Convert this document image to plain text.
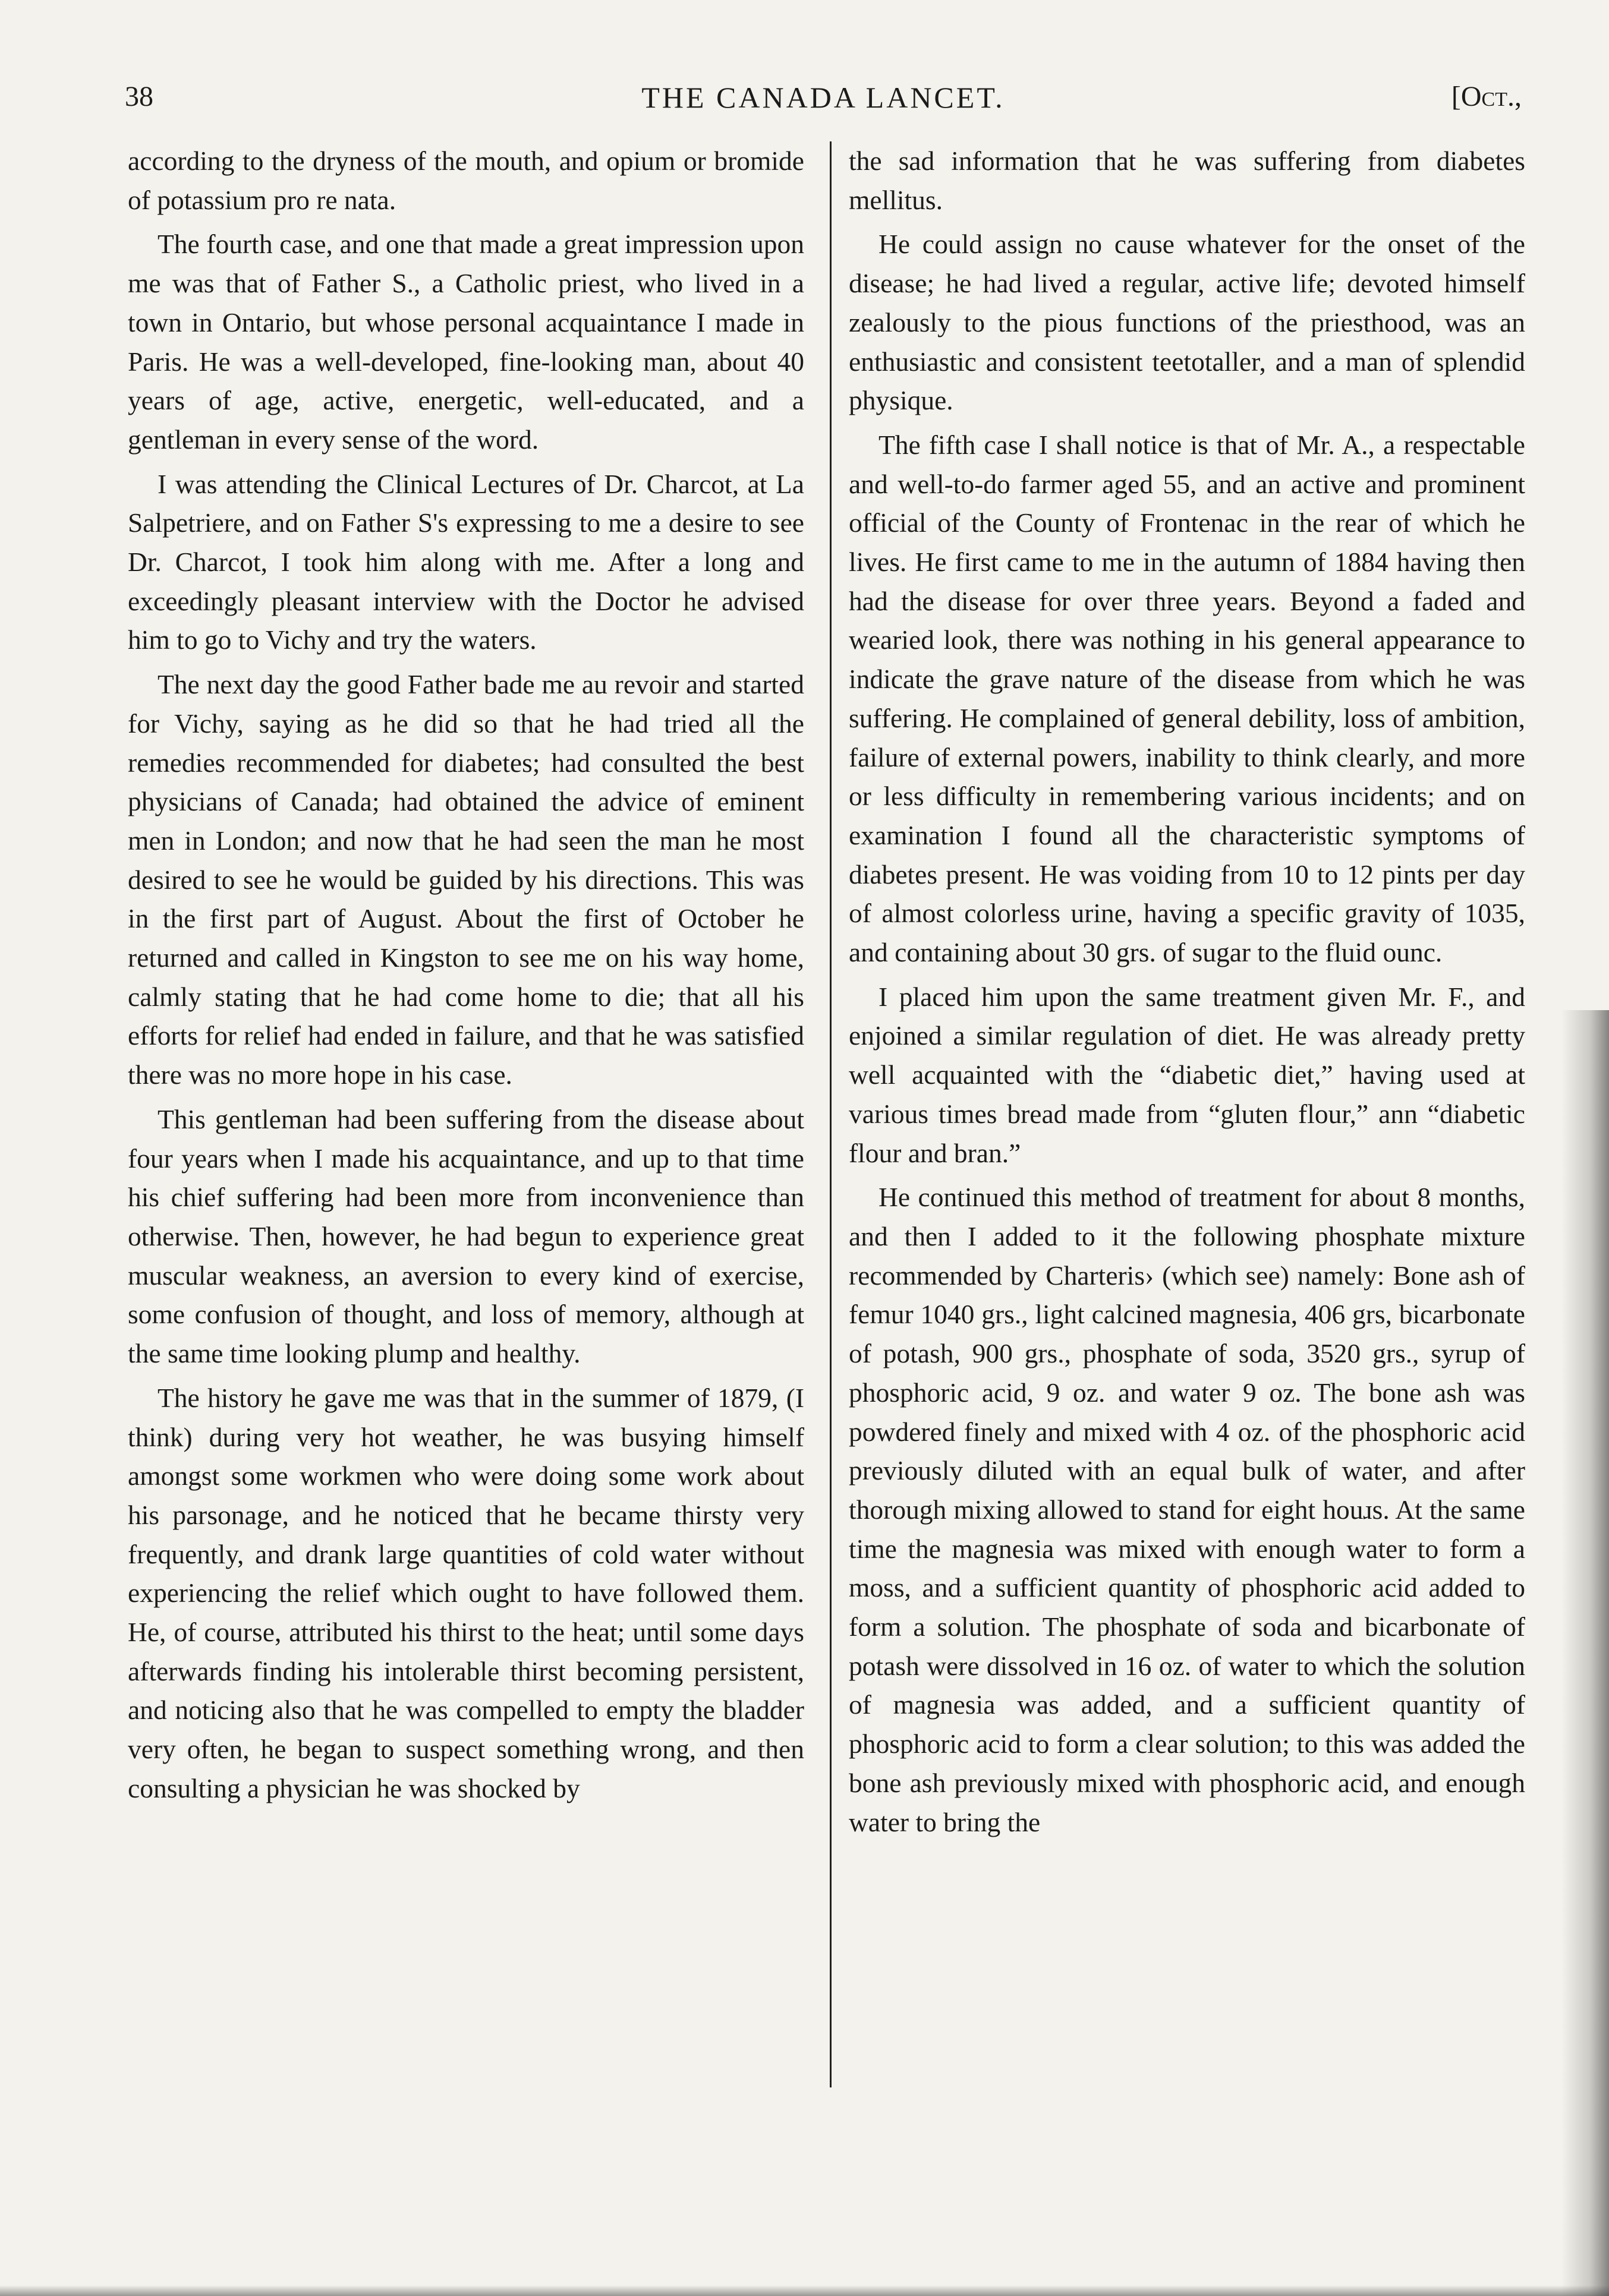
38	THE CANADA LANCET.	[Oct.,

according to the dryness of the mouth, and opium or bromide of potassium pro re nata.

The fourth case, and one that made a great impression upon me was that of Father S., a Catholic priest, who lived in a town in Ontario, but whose personal acquaintance I made in Paris. He was a well-developed, fine-looking man, about 40 years of age, active, energetic, well-educated, and a gentleman in every sense of the word.

I was attending the Clinical Lectures of Dr. Charcot, at La Salpetriere, and on Father S's expressing to me a desire to see Dr. Charcot, I took him along with me. After a long and exceedingly pleasant interview with the Doctor he advised him to go to Vichy and try the waters.

The next day the good Father bade me au revoir and started for Vichy, saying as he did so that he had tried all the remedies recommended for diabetes; had consulted the best physicians of Canada; had obtained the advice of eminent men in London; and now that he had seen the man he most desired to see he would be guided by his directions. This was in the first part of August. About the first of October he returned and called in Kingston to see me on his way home, calmly stating that he had come home to die; that all his efforts for relief had ended in failure, and that he was satisfied there was no more hope in his case.

This gentleman had been suffering from the disease about four years when I made his acquaintance, and up to that time his chief suffering had been more from inconvenience than otherwise. Then, however, he had begun to experience great muscular weakness, an aversion to every kind of exercise, some confusion of thought, and loss of memory, although at the same time looking plump and healthy.

The history he gave me was that in the summer of 1879, (I think) during very hot weather, he was busying himself amongst some workmen who were doing some work about his parsonage, and he noticed that he became thirsty very frequently, and drank large quantities of cold water without experiencing the relief which ought to have followed them. He, of course, attributed his thirst to the heat; until some days afterwards finding his intolerable thirst becoming persistent, and noticing also that he was compelled to empty the bladder very often, he began to suspect something wrong, and then consulting a physician he was shocked by

the sad information that he was suffering from diabetes mellitus.

He could assign no cause whatever for the onset of the disease; he had lived a regular, active life; devoted himself zealously to the pious functions of the priesthood, was an enthusiastic and consistent teetotaller, and a man of splendid physique.

The fifth case I shall notice is that of Mr. A., a respectable and well-to-do farmer aged 55, and an active and prominent official of the County of Frontenac in the rear of which he lives. He first came to me in the autumn of 1884 having then had the disease for over three years. Beyond a faded and wearied look, there was nothing in his general appearance to indicate the grave nature of the disease from which he was suffering. He complained of general debility, loss of ambition, failure of external powers, inability to think clearly, and more or less difficulty in remembering various incidents; and on examination I found all the characteristic symptoms of diabetes present. He was voiding from 10 to 12 pints per day of almost colorless urine, having a specific gravity of 1035, and containing about 30 grs. of sugar to the fluid ounc.

I placed him upon the same treatment given Mr. F., and enjoined a similar regulation of diet. He was already pretty well acquainted with the “diabetic diet,” having used at various times bread made from “gluten flour,” ann “diabetic flour and bran.”

He continued this method of treatment for about 8 months, and then I added to it the following phosphate mixture recommended by Charteris› (which see) namely: Bone ash of femur 1040 grs., light calcined magnesia, 406 grs, bicarbonate of potash, 900 grs., phosphate of soda, 3520 grs., syrup of phosphoric acid, 9 oz. and water 9 oz. The bone ash was powdered finely and mixed with 4 oz. of the phosphoric acid previously diluted with an equal bulk of water, and after thorough mixing allowed to stand for eight houɹs. At the same time the magnesia was mixed with enough water to form a moss, and a sufficient quantity of phosphoric acid added to form a solution. The phosphate of soda and bicarbonate of potash were dissolved in 16 oz. of water to which the solution of magnesia was added, and a sufficient quantity of phosphoric acid to form a clear solution; to this was added the bone ash previously mixed with phosphoric acid, and enough water to bring the
